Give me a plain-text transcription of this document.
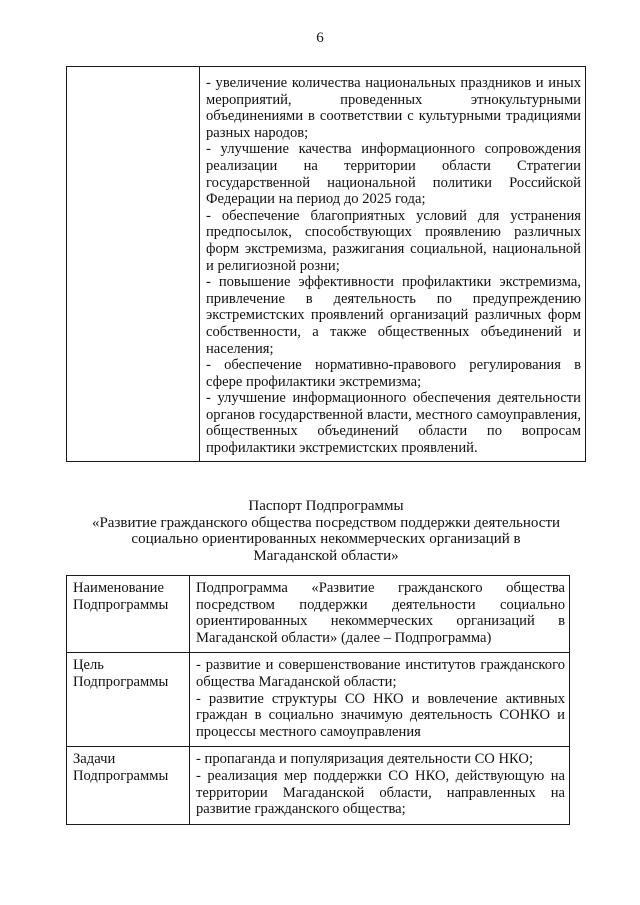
6

- увеличение количества национальных праздников и иных мероприятий, проведенных этнокультурными объединениями в соответствии с культурными традициями разных народов;

- улучшение качества информационного сопровождения реализации на территории области Стратегии государственной национальной политики Российской Федерации на период до 2025 года;

- обеспечение благоприятных условий для устранения предпосылок, способствующих проявлению различных форм экстремизма, разжигания социальной, национальной и религиозной розни;

- повышение эффективности профилактики экстремизма, привлечение в деятельность по предупреждению экстремистских проявлений организаций различных форм собственности, а также общественных объединений и населения;

- обеспечение нормативно-правового регулирования в сфере профилактики экстремизма;

- улучшение информационного обеспечения деятельности органов государственной власти, местного самоуправления, общественных объединений области по вопросам профилактики экстремистских проявлений.

Паспорт Подпрограммы
«Развитие гражданского общества посредством поддержки деятельности
социально ориентированных некоммерческих организаций в
Магаданской области»
Наименование Подпрограммы	Подпрограмма «Развитие гражданского общества посредством поддержки деятельности социально ориентированных некоммерческих организаций в Магаданской области» (далее – Подпрограмма)

Цель Подпрограммы	- развитие и совершенствование институтов гражданского общества Магаданской области;

- развитие структуры СО НКО и вовлечение активных граждан в социально значимую деятельность СОНКО и процессы местного самоуправления

Задачи Подпрограммы	- пропаганда и популяризация деятельности СО НКО;

- реализация мер поддержки СО НКО, действующую на территории Магаданской области, направленных на развитие гражданского общества;
